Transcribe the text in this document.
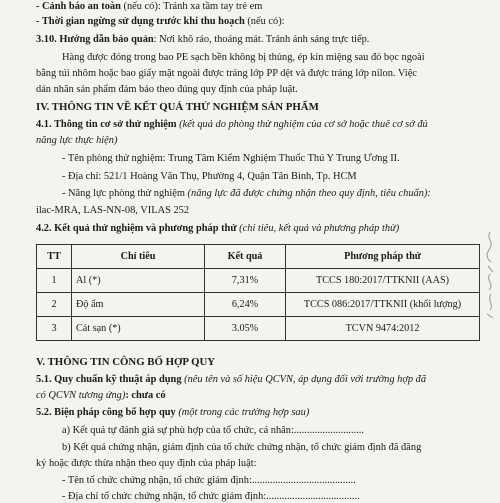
- Cảnh báo an toàn (nếu có): Tránh xa tầm tay trẻ em
- Thời gian ngừng sử dụng trước khi thu hoạch (nếu có):
3.10. Hướng dẫn bảo quản: Nơi khô ráo, thoáng mát. Tránh ánh sáng trực tiếp.
Hàng được đóng trong bao PE sạch bền không bị thủng, ép kín miệng sau đó bọc ngoài
bằng túi nhôm hoặc bao giấy mặt ngoài được tráng lớp PP dệt và được tráng lớp nilon. Việc
dán nhãn sản phẩm đảm bảo theo đúng quy định của pháp luật.
IV. THÔNG TIN VỀ KẾT QUẢ THỬ NGHIỆM SẢN PHẨM
4.1. Thông tin cơ sở thử nghiệm (kết quả do phòng thử nghiệm của cơ sở hoặc thuê cơ sở đủ
năng lực thực hiện)
- Tên phòng thử nghiệm: Trung Tâm Kiểm Nghiệm Thuốc Thú Y Trung Ương II.
- Địa chỉ: 521/1 Hoàng Văn Thụ, Phường 4, Quận Tân Bình, Tp. HCM
- Năng lực phòng thử nghiệm (năng lực đã được chứng nhận theo quy định, tiêu chuẩn):
ilac-MRA, LAS-NN-08, VILAS 252
4.2. Kết quả thử nghiệm và phương pháp thử (chỉ tiêu, kết quả và phương pháp thử)
TT	Chỉ tiêu	Kết quả	Phương pháp thử
1	Al (*)	7,31%	TCCS 180:2017/TTKNII (AAS)
2	Độ ẩm	6,24%	TCCS 086:2017/TTKNII (khối lượng)
3	Cát sạn (*)	3.05%	TCVN 9474:2012
V. THÔNG TIN CÔNG BỐ HỢP QUY
5.1. Quy chuẩn kỹ thuật áp dụng (nêu tên và số hiệu QCVN, áp dụng đối với trường hợp đã
có QCVN tương ứng): chưa có
5.2. Biện pháp công bố hợp quy (một trong các trường hợp sau)
a) Kết quả tự đánh giá sự phù hợp của tổ chức, cá nhân:...........................
b) Kết quả chứng nhận, giám định của tổ chức chứng nhận, tổ chức giám định đã đăng
ký hoặc được thừa nhận theo quy định của pháp luật:
- Tên tổ chức chứng nhận, tổ chức giám định:........................................
- Địa chỉ tổ chức chứng nhận, tổ chức giám định:....................................
